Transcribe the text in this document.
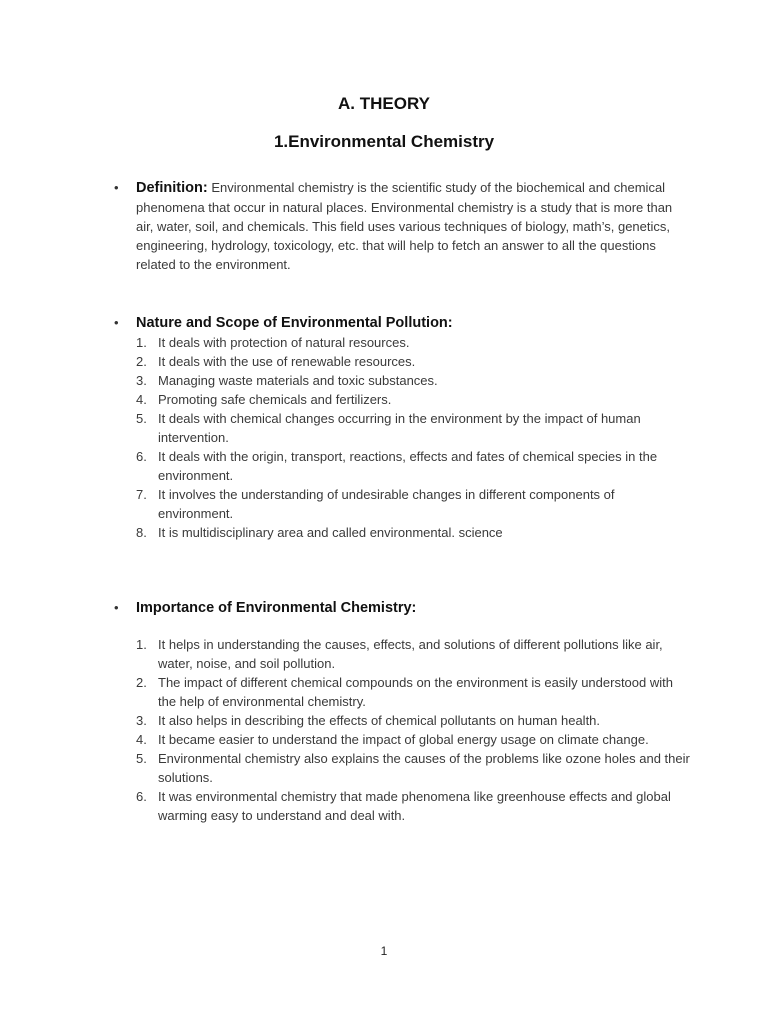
A. THEORY
1.Environmental Chemistry
• Definition: Environmental chemistry is the scientific study of the biochemical and chemical phenomena that occur in natural places. Environmental chemistry is a study that is more than air, water, soil, and chemicals. This field uses various techniques of biology, math’s, genetics, engineering, hydrology, toxicology, etc. that will help to fetch an answer to all the questions related to the environment.
• Nature and Scope of Environmental Pollution:
1. It deals with protection of natural resources.
2. It deals with the use of renewable resources.
3. Managing waste materials and toxic substances.
4. Promoting safe chemicals and fertilizers.
5. It deals with chemical changes occurring in the environment by the impact of human intervention.
6. It deals with the origin, transport, reactions, effects and fates of chemical species in the environment.
7. It involves the understanding of undesirable changes in different components of environment.
8. It is multidisciplinary area and called environmental. science
• Importance of Environmental Chemistry:
1. It helps in understanding the causes, effects, and solutions of different pollutions like air, water, noise, and soil pollution.
2. The impact of different chemical compounds on the environment is easily understood with the help of environmental chemistry.
3. It also helps in describing the effects of chemical pollutants on human health.
4. It became easier to understand the impact of global energy usage on climate change.
5. Environmental chemistry also explains the causes of the problems like ozone holes and their solutions.
6. It was environmental chemistry that made phenomena like greenhouse effects and global warming easy to understand and deal with.
1
